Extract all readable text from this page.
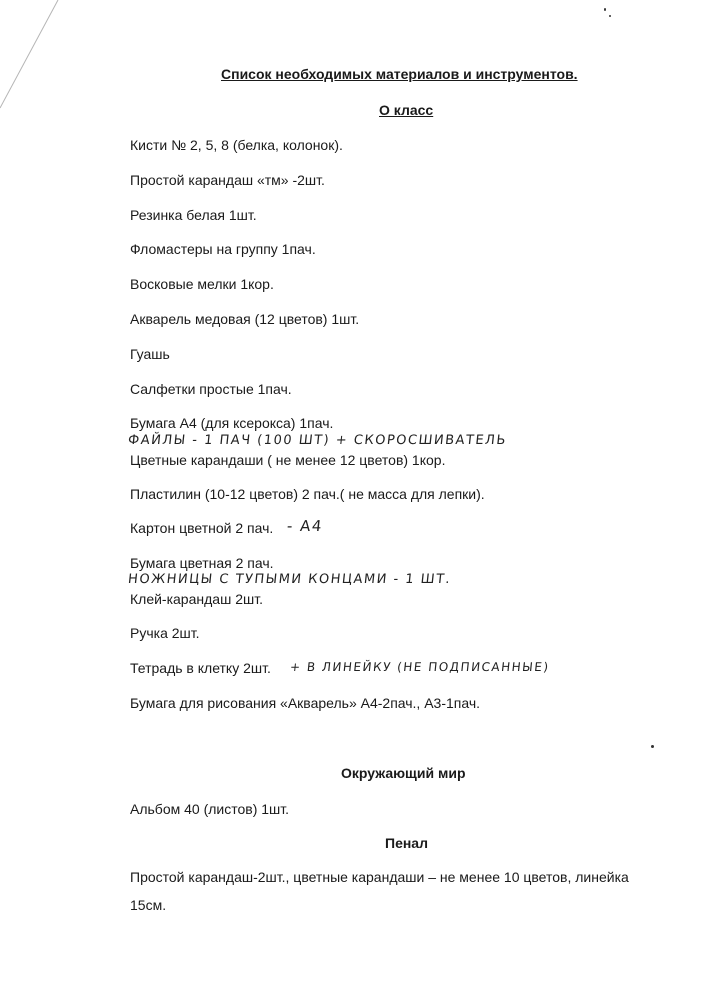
Список необходимых материалов и инструментов.
О класс
Кисти № 2, 5, 8 (белка, колонок).
Простой карандаш «тм» -2шт.
Резинка белая 1шт.
Фломастеры на группу 1пач.
Восковые мелки 1кор.
Акварель медовая (12 цветов) 1шт.
Гуашь
Салфетки простые 1пач.
Бумага А4 (для ксерокса) 1пач.
ФАЙЛЫ - 1 ПАЧ (100 ШТ) + СКОРОСШИВАТЕЛЬ
Цветные карандаши ( не менее 12 цветов) 1кор.
Пластилин (10-12 цветов) 2 пач.( не масса для лепки).
Картон цветной 2 пач. - А4
Бумага цветная 2 пач.
НОЖНИЦЫ С ТУПЫМИ КОНЦАМИ - 1 ШТ.
Клей-карандаш 2шт.
Ручка 2шт.
Тетрадь в клетку 2шт. + В ЛИНЕЙКУ (НЕ ПОДПИСАННЫЕ)
Бумага для рисования «Акварель» А4-2пач., А3-1пач.
Окружающий мир
Альбом 40 (листов) 1шт.
Пенал
Простой карандаш-2шт., цветные карандаши – не менее 10 цветов, линейка
15см.
